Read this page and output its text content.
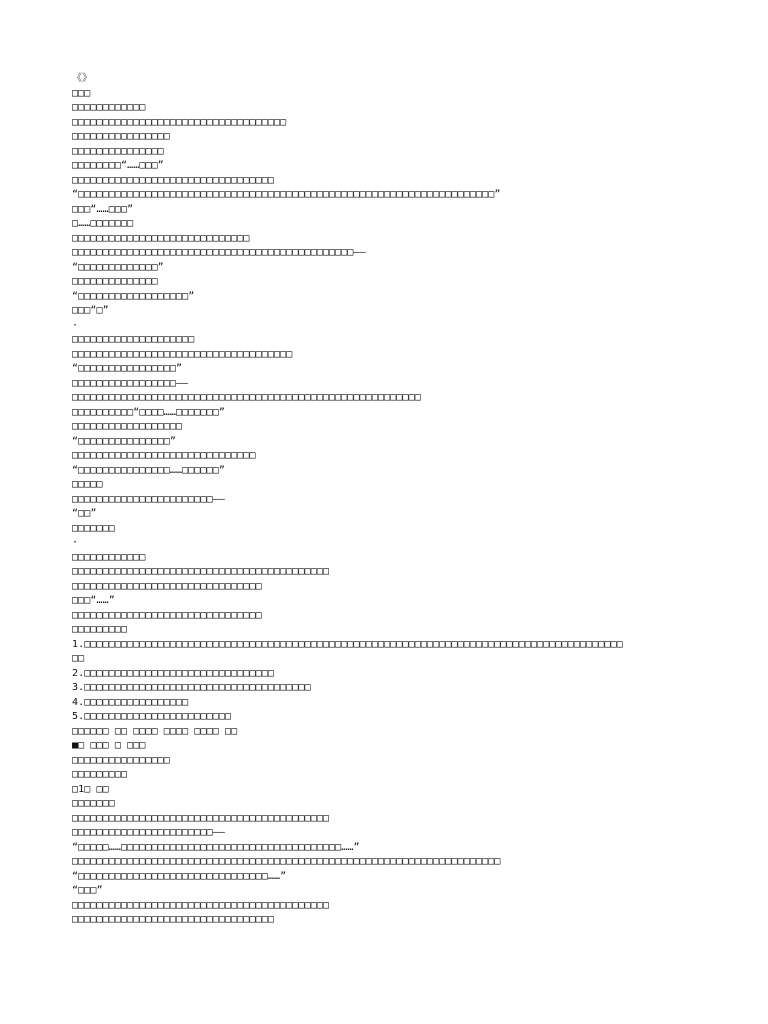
《》
□□□
□□□□□□□□□□□□
□□□□□□□□□□□□□□□□□□□□□□□□□□□□□□□□□□□
□□□□□□□□□□□□□□□□
□□□□□□□□□□□□□□□
□□□□□□□□“……□□□”
□□□□□□□□□□□□□□□□□□□□□□□□□□□□□□□□□
“□□□□□□□□□□□□□□□□□□□□□□□□□□□□□□□□□□□□□□□□□□□□□□□□□□□□□□□□□□□□□□□□□□□□”
□□□“……□□□”
□……□□□□□□□
□□□□□□□□□□□□□□□□□□□□□□□□□□□□□
□□□□□□□□□□□□□□□□□□□□□□□□□□□□□□□□□□□□□□□□□□□□□□——
“□□□□□□□□□□□□□”
□□□□□□□□□□□□□□
“□□□□□□□□□□□□□□□□□□”
□□□“□”
·
□□□□□□□□□□□□□□□□□□□□
□□□□□□□□□□□□□□□□□□□□□□□□□□□□□□□□□□□□
“□□□□□□□□□□□□□□□□”
□□□□□□□□□□□□□□□□□——
□□□□□□□□□□□□□□□□□□□□□□□□□□□□□□□□□□□□□□□□□□□□□□□□□□□□□□□□□
□□□□□□□□□□“□□□□……□□□□□□□”
□□□□□□□□□□□□□□□□□□
“□□□□□□□□□□□□□□□”
□□□□□□□□□□□□□□□□□□□□□□□□□□□□□□
“□□□□□□□□□□□□□□□……□□□□□□”
□□□□□
□□□□□□□□□□□□□□□□□□□□□□□——
“□□”
□□□□□□□
·
□□□□□□□□□□□□
□□□□□□□□□□□□□□□□□□□□□□□□□□□□□□□□□□□□□□□□□□
□□□□□□□□□□□□□□□□□□□□□□□□□□□□□□□
□□□“……”
□□□□□□□□□□□□□□□□□□□□□□□□□□□□□□□
□□□□□□□□□
1.□□□□□□□□□□□□□□□□□□□□□□□□□□□□□□□□□□□□□□□□□□□□□□□□□□□□□□□□□□□□□□□□□□□□□□□□□□□□□□□□□□□□□□□□
□□
2.□□□□□□□□□□□□□□□□□□□□□□□□□□□□□□□
3.□□□□□□□□□□□□□□□□□□□□□□□□□□□□□□□□□□□□□
4.□□□□□□□□□□□□□□□□□
5.□□□□□□□□□□□□□□□□□□□□□□□□
□□□□□□ □□ □□□□ □□□□ □□□□ □□
■□ □□□ □ □□□
□□□□□□□□□□□□□□□□
□□□□□□□□□
□1□ □□
□□□□□□□
□□□□□□□□□□□□□□□□□□□□□□□□□□□□□□□□□□□□□□□□□□
□□□□□□□□□□□□□□□□□□□□□□□——
“□□□□□……□□□□□□□□□□□□□□□□□□□□□□□□□□□□□□□□□□□□……”
□□□□□□□□□□□□□□□□□□□□□□□□□□□□□□□□□□□□□□□□□□□□□□□□□□□□□□□□□□□□□□□□□□□□□□
“□□□□□□□□□□□□□□□□□□□□□□□□□□□□□□□……”
“□□□”
□□□□□□□□□□□□□□□□□□□□□□□□□□□□□□□□□□□□□□□□□□
□□□□□□□□□□□□□□□□□□□□□□□□□□□□□□□□□
